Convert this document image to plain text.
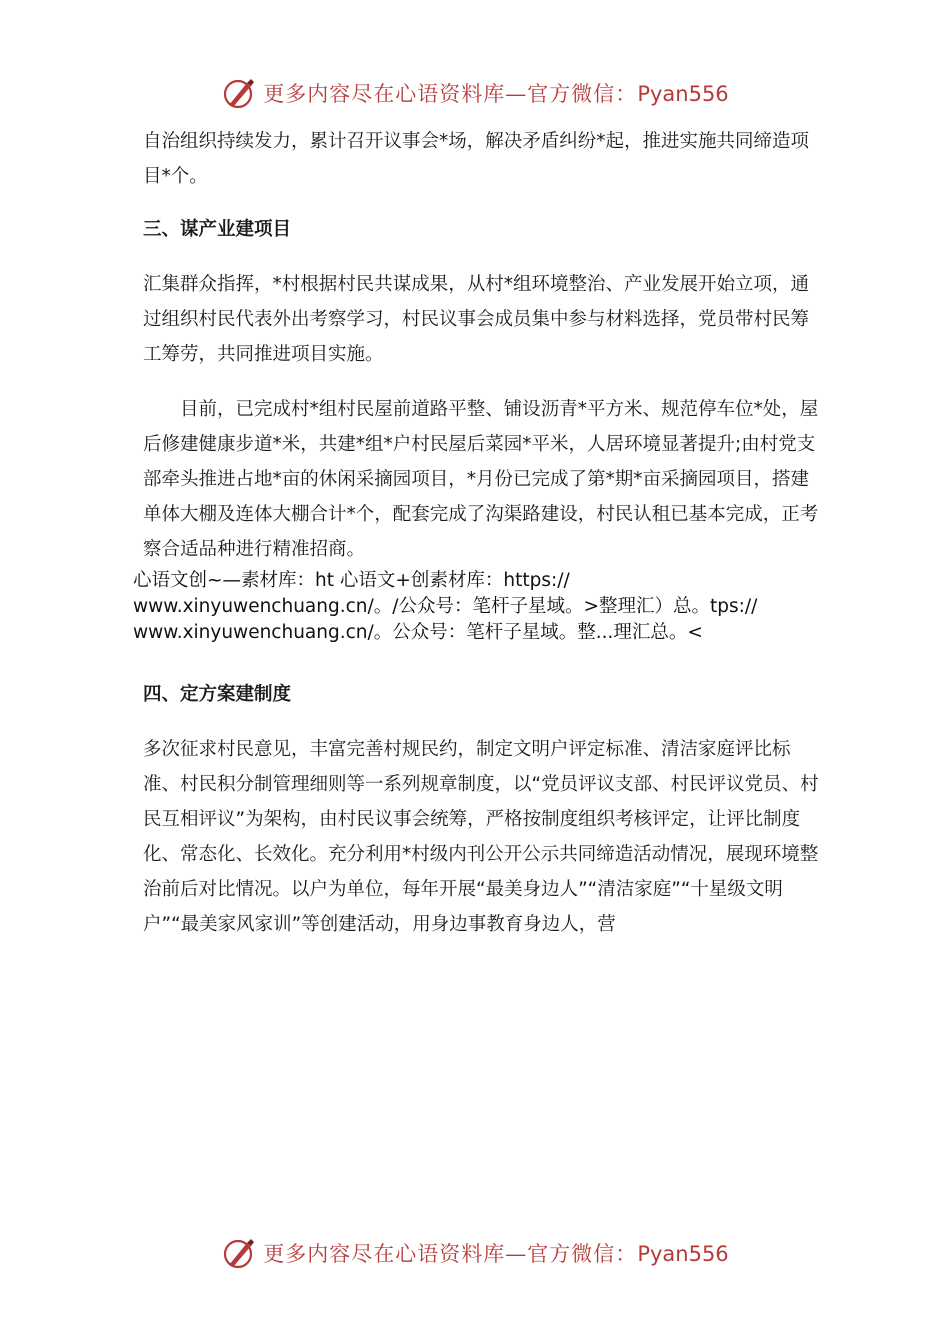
更多内容尽在心语资料库—官方微信：Pyan556

自治组织持续发力，累计召开议事会*场，解决矛盾纠纷*起，推进实施共同缔造项目*个。

三、谋产业建项目

汇集群众指挥，*村根据村民共谋成果，从村*组环境整治、产业发展开始立项，通过组织村民代表外出考察学习，村民议事会成员集中参与材料选择，党员带村民筹工筹劳，共同推进项目实施。

目前，已完成村*组村民屋前道路平整、铺设沥青*平方米、规范停车位*处，屋后修建健康步道*米，共建*组*户村民屋后菜园*平米，人居环境显著提升;由村党支部牵头推进占地*亩的休闲采摘园项目，*月份已完成了第*期*亩采摘园项目，搭建单体大棚及连体大棚合计*个，配套完成了沟渠路建设，村民认租已基本完成，正考察合适品种进行精准招商。

心语文创~—素材库：ht 心语文+创素材库：https://
www.xinyuwenchuang.cn/。/公众号：笔杆子星域。>整理汇）总。tps://
www.xinyuwenchuang.cn/。公众号：笔杆子星域。整...理汇总。<
四、定方案建制度

多次征求村民意见，丰富完善村规民约，制定文明户评定标准、清洁家庭评比标准、村民积分制管理细则等一系列规章制度，以“党员评议支部、村民评议党员、村民互相评议”为架构，由村民议事会统筹，严格按制度组织考核评定，让评比制度化、常态化、长效化。充分利用*村级内刊公开公示共同缔造活动情况，展现环境整治前后对比情况。以户为单位，每年开展“最美身边人”“清洁家庭”“十星级文明户”“最美家风家训”等创建活动，用身边事教育身边人，营

更多内容尽在心语资料库—官方微信：Pyan556
